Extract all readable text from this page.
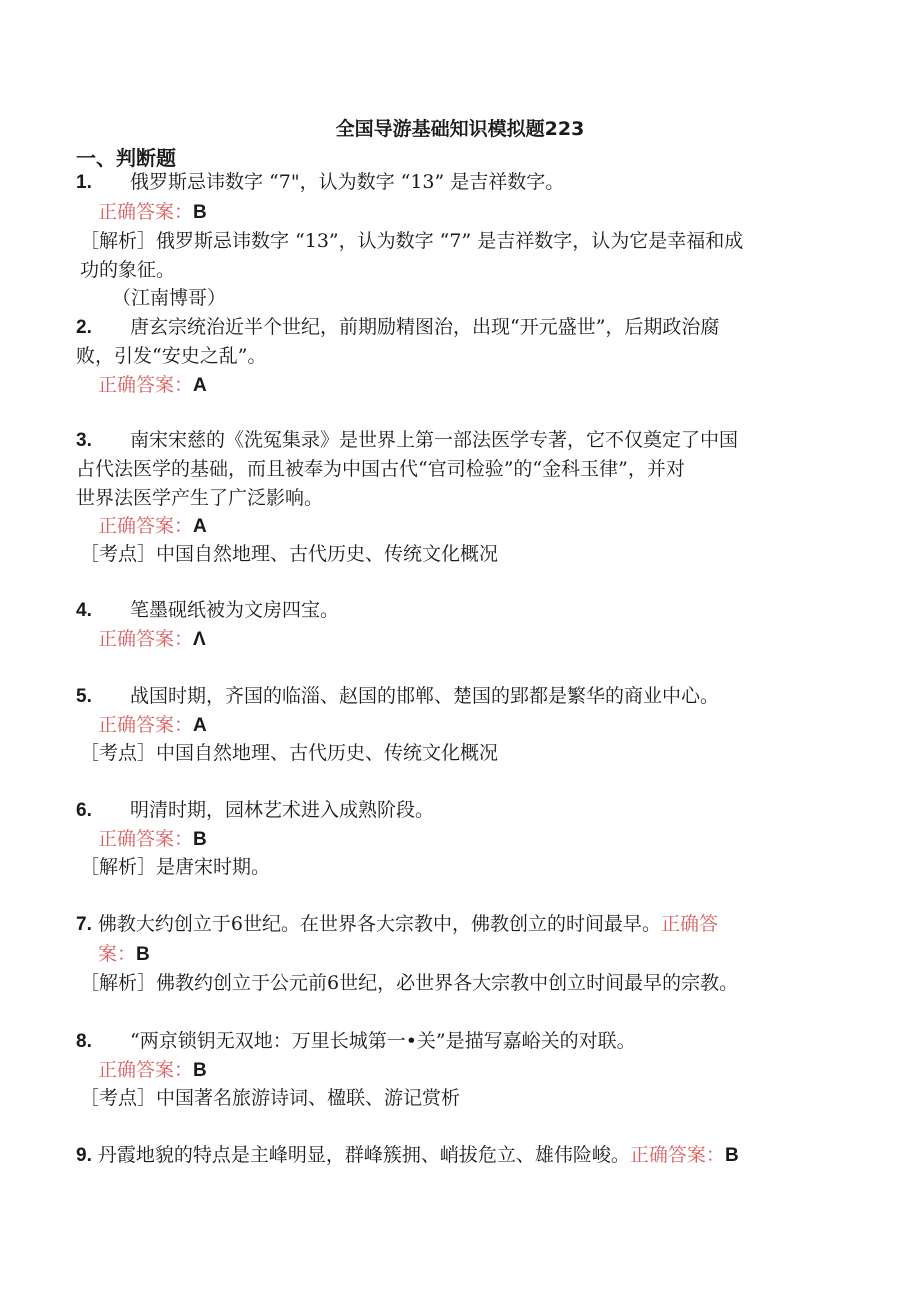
全国导游基础知识模拟题223
一、判断题
1. 俄罗斯忌讳数字 “7"，认为数字 “13” 是吉祥数字。
正确答案：B
［解析］俄罗斯忌讳数字 “13”，认为数字 “7” 是吉祥数字，认为它是幸福和成
功的象征。
（江南博哥）
2. 唐玄宗统治近半个世纪，前期励精图治，出现“开元盛世”，后期政治腐
败，引发“安史之乱”。
正确答案：A
3. 南宋宋慈的《洗冤集录》是世界上第一部法医学专著，它不仅奠定了中国
占代法医学的基础，而且被奉为中国古代“官司检验”的“金科玉律”，并对
世界法医学产生了广泛影响。
正确答案：A
［考点］中国自然地理、古代历史、传统文化概况
4. 笔墨砚纸被为文房四宝。
正确答案：Λ
5. 战国时期，齐国的临淄、赵国的邯郸、楚国的郢都是繁华的商业中心。
正确答案：A
［考点］中国自然地理、古代历史、传统文化概况
6. 明清时期，园林艺术进入成熟阶段。
正确答案：B
［解析］是唐宋时期。
7. 佛教大约创立于6世纪。在世界各大宗教中，佛教创立的时间最早。正确答
案：B
［解析］佛教约创立于公元前6世纪，必世界各大宗教中创立时间最早的宗教。
8. “两京锁钥无双地：万里长城第一•关”是描写嘉峪关的对联。
正确答案：B
［考点］中国著名旅游诗词、楹联、游记赏析
9. 丹霞地貌的特点是主峰明显，群峰簇拥、峭拔危立、雄伟险峻。正确答案：B
